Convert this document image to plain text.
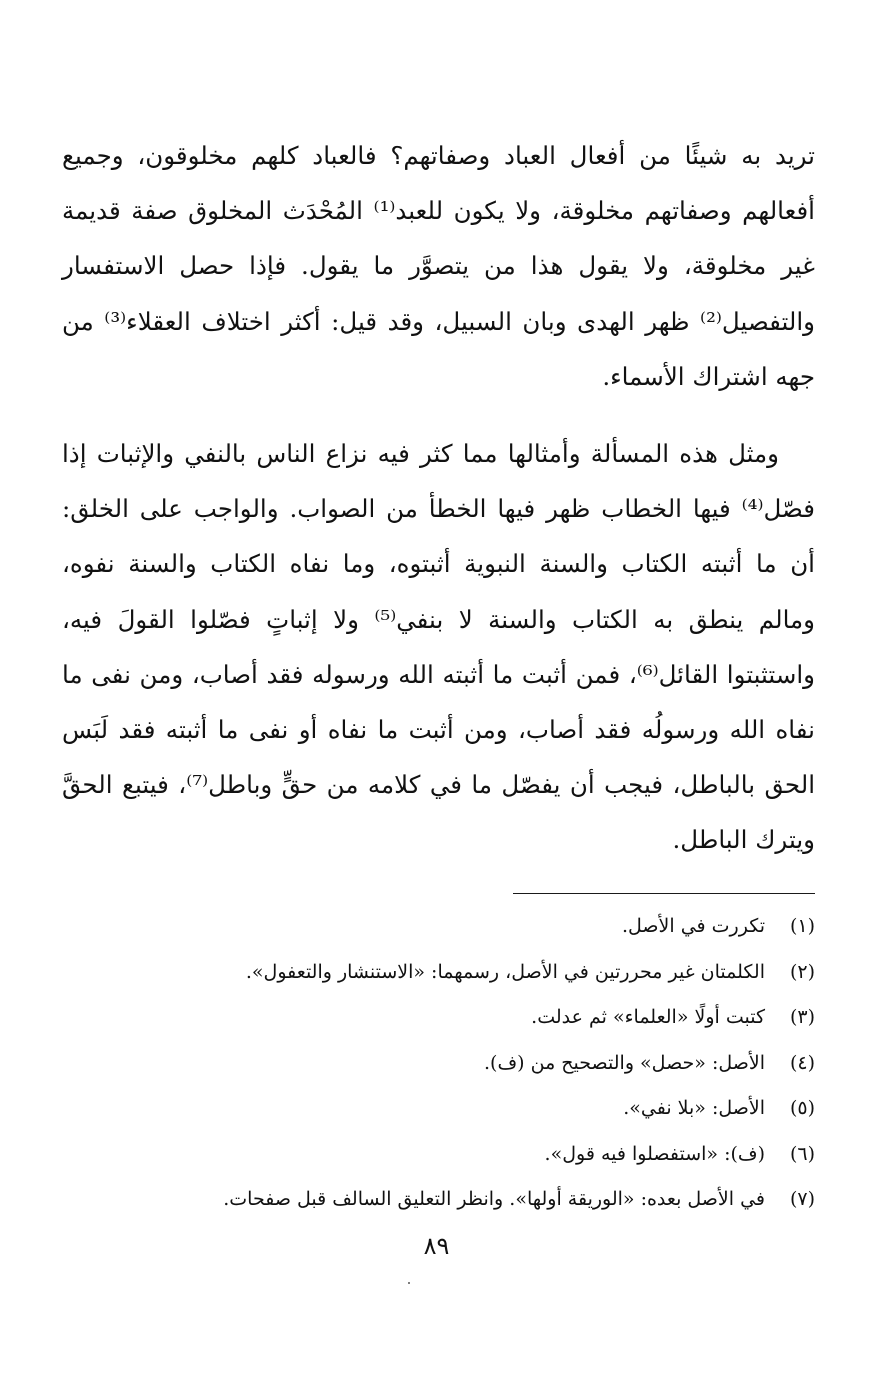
تريد به شيئًا من أفعال العباد وصفاتهم؟ فالعباد كلهم مخلوقون، وجميع أفعالهم وصفاتهم مخلوقة، ولا يكون للعبد⁽¹⁾ المُحْدَث المخلوق صفة قديمة غير مخلوقة، ولا يقول هذا من يتصوَّر ما يقول. فإذا حصل الاستفسار والتفصيل⁽²⁾ ظهر الهدى وبان السبيل، وقد قيل: أكثر اختلاف العقلاء⁽³⁾ من جهه اشتراك الأسماء.

ومثل هذه المسألة وأمثالها مما كثر فيه نزاع الناس بالنفي والإثبات إذا فصّل⁽⁴⁾ فيها الخطاب ظهر فيها الخطأ من الصواب. والواجب على الخلق: أن ما أثبته الكتاب والسنة النبوية أثبتوه، وما نفاه الكتاب والسنة نفوه، ومالم ينطق به الكتاب والسنة لا بنفي⁽⁵⁾ ولا إثباتٍ فصّلوا القولَ فيه، واستثبتوا القائل⁽⁶⁾، فمن أثبت ما أثبته الله ورسوله فقد أصاب، ومن نفى ما نفاه الله ورسولُه فقد أصاب، ومن أثبت ما نفاه أو نفى ما أثبته فقد لَبَس الحق بالباطل، فيجب أن يفصّل ما في كلامه من حقٍّ وباطل⁽⁷⁾، فيتبع الحقَّ ويترك الباطل.

(١)
تكررت في الأصل.
(٢)
الكلمتان غير محررتين في الأصل، رسمهما: «الاستنشار والتعفول».
(٣)
كتبت أولًا «العلماء» ثم عدلت.
(٤)
الأصل: «حصل» والتصحيح من (ف).
(٥)
الأصل: «بلا نفي».
(٦)
(ف): «استفصلوا فيه قول».
(٧)
في الأصل بعده: «الوريقة أولها». وانظر التعليق السالف قبل صفحات.
٨٩
